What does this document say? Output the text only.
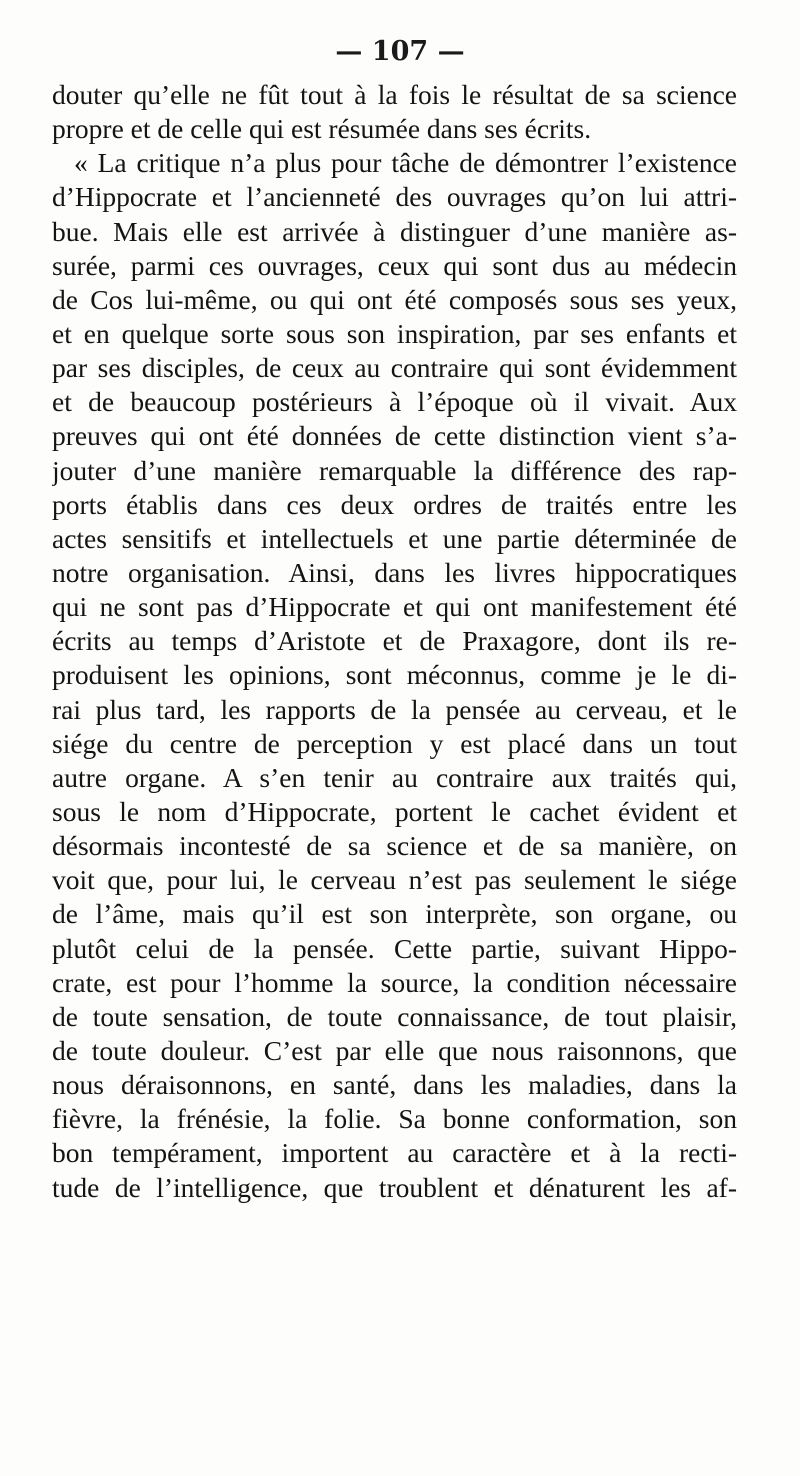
— 107 —
douter qu’elle ne fût tout à la fois le résultat de sa science
propre et de celle qui est résumée dans ses écrits.
« La critique n’a plus pour tâche de démontrer l’existence
d’Hippocrate et l’ancienneté des ouvrages qu’on lui attri-
bue. Mais elle est arrivée à distinguer d’une manière as-
surée, parmi ces ouvrages, ceux qui sont dus au médecin
de Cos lui-même, ou qui ont été composés sous ses yeux,
et en quelque sorte sous son inspiration, par ses enfants et
par ses disciples, de ceux au contraire qui sont évidemment
et de beaucoup postérieurs à l’époque où il vivait. Aux
preuves qui ont été données de cette distinction vient s’a-
jouter d’une manière remarquable la différence des rap-
ports établis dans ces deux ordres de traités entre les
actes sensitifs et intellectuels et une partie déterminée de
notre organisation. Ainsi, dans les livres hippocratiques
qui ne sont pas d’Hippocrate et qui ont manifestement été
écrits au temps d’Aristote et de Praxagore, dont ils re-
produisent les opinions, sont méconnus, comme je le di-
rai plus tard, les rapports de la pensée au cerveau, et le
siége du centre de perception y est placé dans un tout
autre organe. A s’en tenir au contraire aux traités qui,
sous le nom d’Hippocrate, portent le cachet évident et
désormais incontesté de sa science et de sa manière, on
voit que, pour lui, le cerveau n’est pas seulement le siége
de l’âme, mais qu’il est son interprète, son organe, ou
plutôt celui de la pensée. Cette partie, suivant Hippo-
crate, est pour l’homme la source, la condition nécessaire
de toute sensation, de toute connaissance, de tout plaisir,
de toute douleur. C’est par elle que nous raisonnons, que
nous déraisonnons, en santé, dans les maladies, dans la
fièvre, la frénésie, la folie. Sa bonne conformation, son
bon tempérament, importent au caractère et à la recti-
tude de l’intelligence, que troublent et dénaturent les af-
